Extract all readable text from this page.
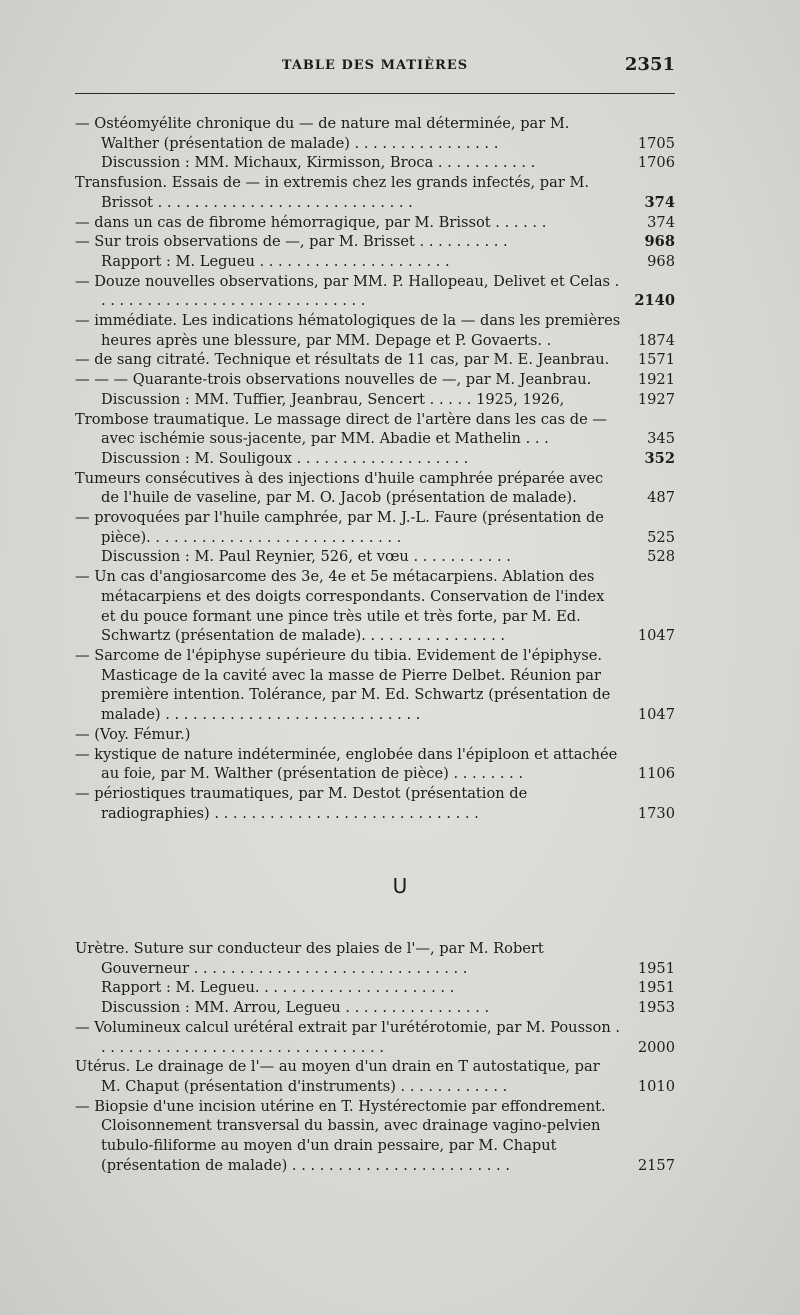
TABLE DES MATIÈRES	2351
— Ostéomyélite chronique du — de nature mal déterminée, par M. Walther (présentation de malade) . . . . . . . . . . . . . . . .	1705
Discussion : MM. Michaux, Kirmisson, Broca . . . . . . . . . . .	1706
Transfusion. Essais de — in extremis chez les grands infectés, par M. Brissot . . . . . . . . . . . . . . . . . . . . . . . . . . . .	374
— dans un cas de fibrome hémorragique, par M. Brissot . . . . . .	374
— Sur trois observations de —, par M. Brisset . . . . . . . . . .	968
Rapport : M. Legueu . . . . . . . . . . . . . . . . . . . . .	968
— Douze nouvelles observations, par MM. P. Hallopeau, Delivet et Celas . . . . . . . . . . . . . . . . . . . . . . . . . . . . . .	2140
— immédiate. Les indications hématologiques de la — dans les premières heures après une blessure, par MM. Depage et P. Govaerts. .	1874
— de sang citraté. Technique et résultats de 11 cas, par M. E. Jeanbrau.	1571
— — — Quarante-trois observations nouvelles de —, par M. Jeanbrau.	1921
Discussion : MM. Tuffier, Jeanbrau, Sencert . . . . . 1925, 1926,	1927
Trombose traumatique. Le massage direct de l'artère dans les cas de — avec ischémie sous-jacente, par MM. Abadie et Mathelin . . .	345
Discussion : M. Souligoux . . . . . . . . . . . . . . . . . . .	352
Tumeurs consécutives à des injections d'huile camphrée préparée avec de l'huile de vaseline, par M. O. Jacob (présentation de malade).	487
— provoquées par l'huile camphrée, par M. J.-L. Faure (présentation de pièce). . . . . . . . . . . . . . . . . . . . . . . . . . . .	525
Discussion : M. Paul Reynier, 526, et vœu . . . . . . . . . . .	528
— Un cas d'angiosarcome des 3e, 4e et 5e métacarpiens. Ablation des métacarpiens et des doigts correspondants. Conservation de l'index et du pouce formant une pince très utile et très forte, par M. Ed. Schwartz (présentation de malade). . . . . . . . . . . . . . . .	1047
— Sarcome de l'épiphyse supérieure du tibia. Evidement de l'épiphyse. Masticage de la cavité avec la masse de Pierre Delbet. Réunion par première intention. Tolérance, par M. Ed. Schwartz (présentation de malade) . . . . . . . . . . . . . . . . . . . . . . . . . . . .	1047
— (Voy. Fémur.)
— kystique de nature indéterminée, englobée dans l'épiploon et attachée au foie, par M. Walther (présentation de pièce) . . . . . . . .	1106
— périostiques traumatiques, par M. Destot (présentation de radiographies) . . . . . . . . . . . . . . . . . . . . . . . . . . . . .	1730
U
Urètre. Suture sur conducteur des plaies de l'—, par M. Robert Gouverneur . . . . . . . . . . . . . . . . . . . . . . . . . . . . . .	1951
Rapport : M. Legueu. . . . . . . . . . . . . . . . . . . . . .	1951
Discussion : MM. Arrou, Legueu . . . . . . . . . . . . . . . .	1953
— Volumineux calcul urétéral extrait par l'urétérotomie, par M. Pousson . . . . . . . . . . . . . . . . . . . . . . . . . . . . . . . .	2000
Utérus. Le drainage de l'— au moyen d'un drain en T autostatique, par M. Chaput (présentation d'instruments) . . . . . . . . . . . .	1010
— Biopsie d'une incision utérine en T. Hystérectomie par effondrement. Cloisonnement transversal du bassin, avec drainage vagino-pelvien tubulo-filiforme au moyen d'un drain pessaire, par M. Chaput (présentation de malade) . . . . . . . . . . . . . . . . . . . . . . . .	2157
